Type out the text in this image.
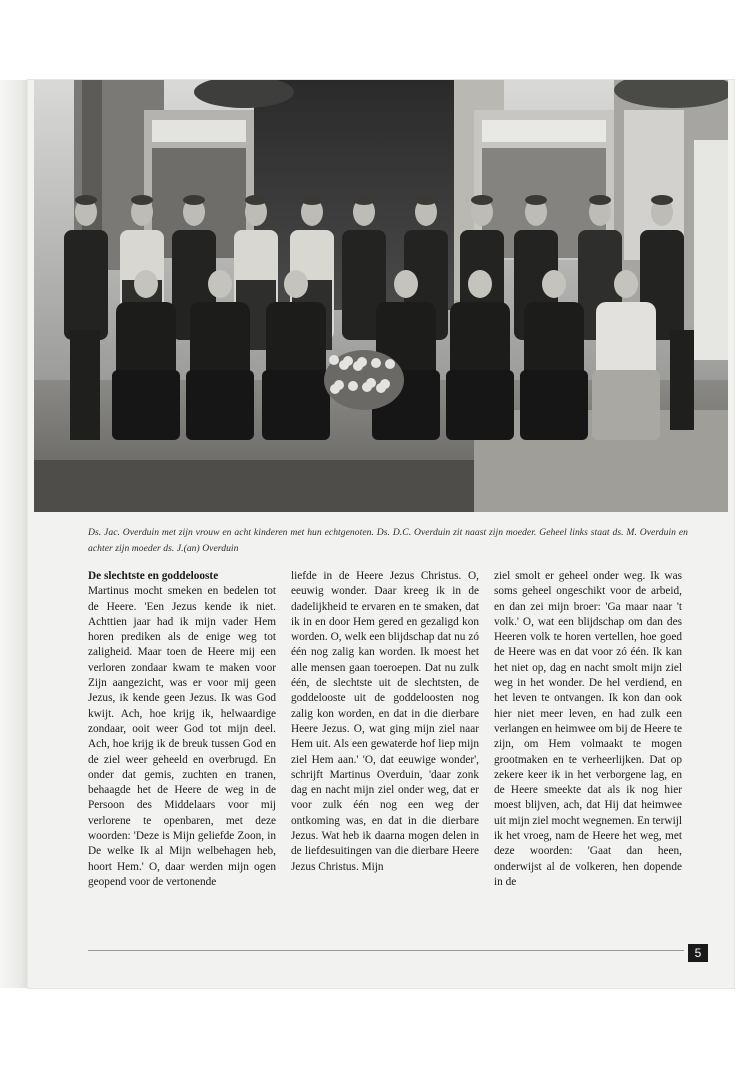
Ds. Jac. Overduin met zijn vrouw en acht kinderen met hun echtgenoten. Ds. D.C. Overduin zit naast zijn moeder. Geheel links staat ds. M. Overduin en achter zijn moeder ds. J.(an) Overduin
De slechtste en goddelooste
Martinus mocht smeken en bedelen tot de Heere. 'Een Jezus kende ik niet. Achttien jaar had ik mijn vader Hem horen prediken als de enige weg tot zaligheid. Maar toen de Heere mij een verloren zondaar kwam te maken voor Zijn aangezicht, was er voor mij geen Jezus, ik kende geen Jezus. Ik was God kwijt. Ach, hoe krijg ik, helwaardige zondaar, ooit weer God tot mijn deel. Ach, hoe krijg ik de breuk tussen God en de ziel weer geheeld en overbrugd. En onder dat gemis, zuchten en tranen, behaagde het de Heere de weg in de Persoon des Middelaars voor mij verlorene te openbaren, met deze woorden: 'Deze is Mijn geliefde Zoon, in De welke Ik al Mijn welbehagen heb, hoort Hem.' O, daar werden mijn ogen geopend voor de vertonende
liefde in de Heere Jezus Christus. O, eeuwig wonder. Daar kreeg ik in de dadelijkheid te ervaren en te smaken, dat ik in en door Hem gered en gezaligd kon worden. O, welk een blijdschap dat nu zó één nog zalig kan worden. Ik moest het alle mensen gaan toeroepen. Dat nu zulk één, de slechtste uit de slechtsten, de goddelooste uit de goddeloosten nog zalig kon worden, en dat in die dierbare Heere Jezus. O, wat ging mijn ziel naar Hem uit. Als een gewaterde hof liep mijn ziel Hem aan.' 'O, dat eeuwige wonder', schrijft Martinus Overduin, 'daar zonk dag en nacht mijn ziel onder weg, dat er voor zulk één nog een weg der ontkoming was, en dat in die dierbare Jezus. Wat heb ik daarna mogen delen in de liefdesuitingen van die dierbare Heere Jezus Christus. Mijn
ziel smolt er geheel onder weg. Ik was soms geheel ongeschikt voor de arbeid, en dan zei mijn broer: 'Ga maar naar 't volk.' O, wat een blijdschap om dan des Heeren volk te horen vertellen, hoe goed de Heere was en dat voor zó één. Ik kan het niet op, dag en nacht smolt mijn ziel weg in het wonder. De hel verdiend, en het leven te ontvangen. Ik kon dan ook hier niet meer leven, en had zulk een verlangen en heimwee om bij de Heere te zijn, om Hem volmaakt te mogen grootmaken en te verheerlijken. Dat op zekere keer ik in het verborgene lag, en de Heere smeekte dat als ik nog hier moest blijven, ach, dat Hij dat heimwee uit mijn ziel mocht wegnemen. En terwijl ik het vroeg, nam de Heere het weg, met deze woorden: 'Gaat dan heen, onderwijst al de volkeren, hen dopende in de
5
